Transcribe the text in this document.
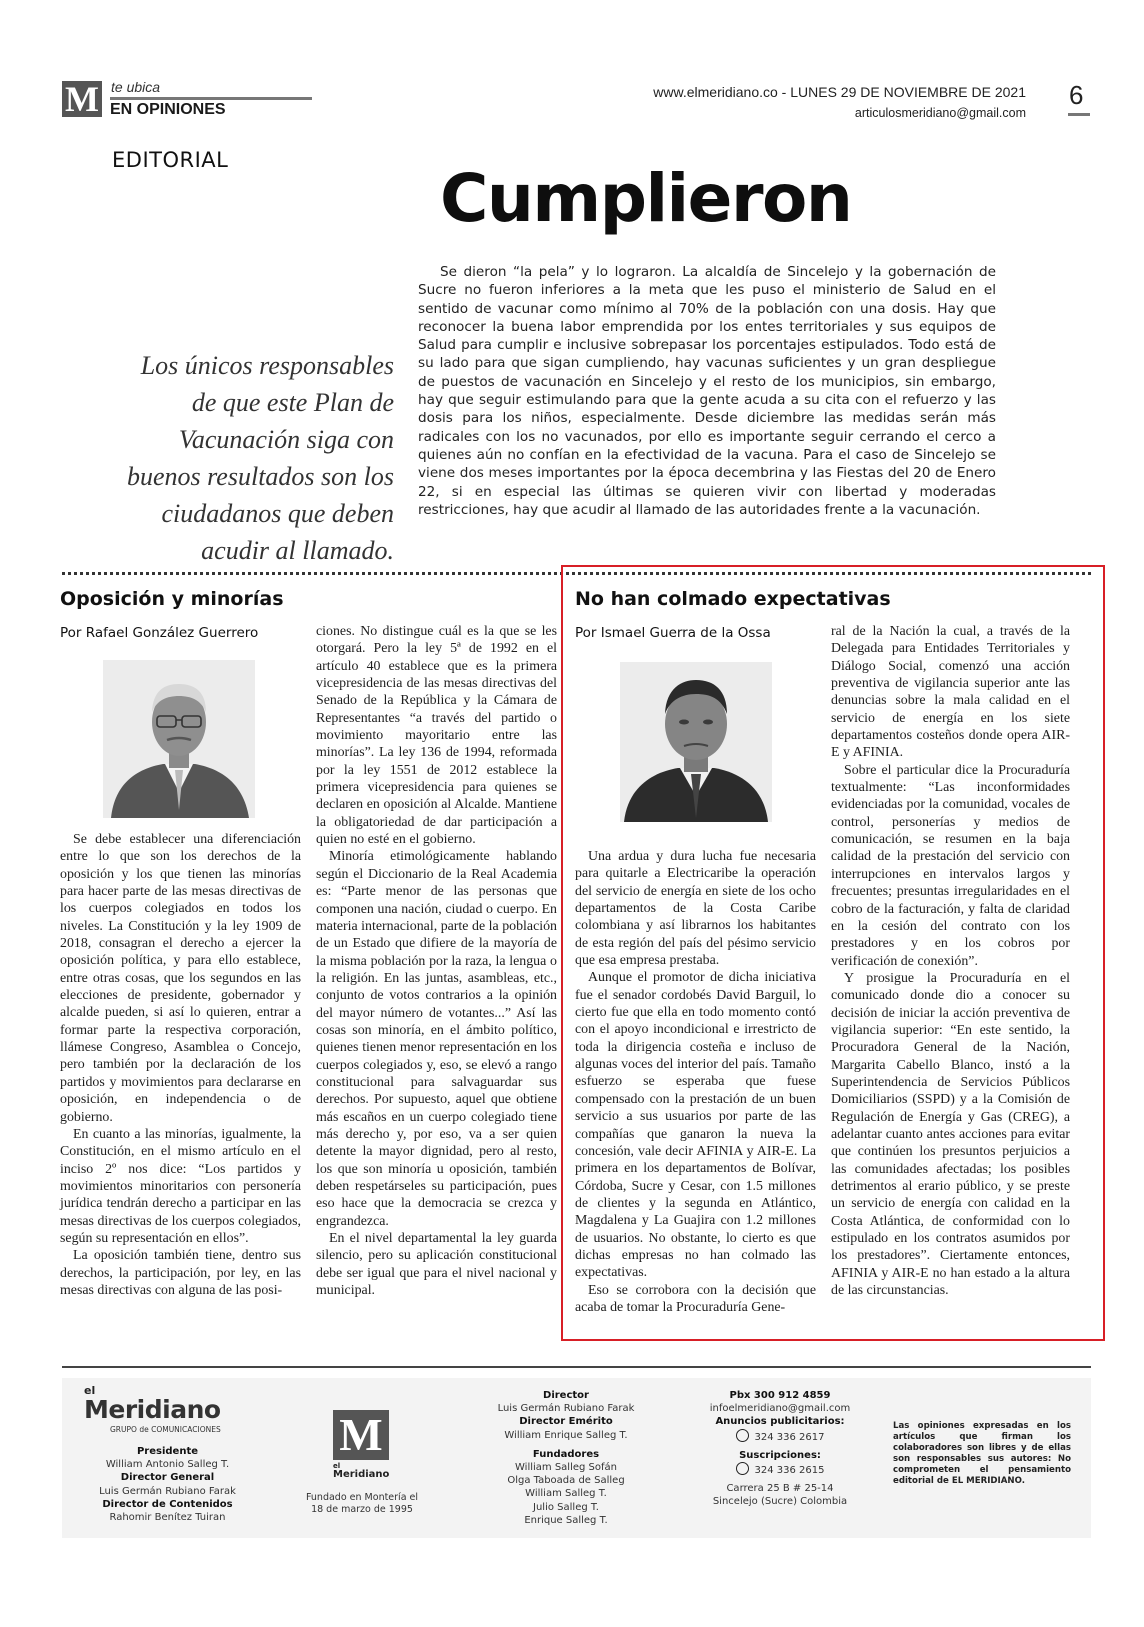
M te ubica
EN OPINIONES
www.elmeridiano.co - LUNES 29 DE NOVIEMBRE DE 2021
articulosmeridiano@gmail.com
6
EDITORIAL	Cumplieron

Se dieron “la pela” y lo lograron. La alcaldía de Sincelejo y la gobernación de Sucre no fueron inferiores a la meta que les puso el ministerio de Salud en el sentido de vacunar como mínimo al 70% de la población con una dosis. Hay que reconocer la buena labor emprendida por los entes territoriales y sus equipos de Salud para cumplir e inclusive sobrepasar los porcentajes estipulados. Todo está de su lado para que sigan cumpliendo, hay vacunas suficientes y un gran despliegue de puestos de vacunación en Sincelejo y el resto de los municipios, sin embargo, hay que seguir estimulando para que la gente acuda a su cita con el refuerzo y las dosis para los niños, especialmente. Desde diciembre las medidas serán más radicales con los no vacunados, por ello es importante seguir cerrando el cerco a quienes aún no confían en la efectividad de la vacuna. Para el caso de Sincelejo se viene dos meses importantes por la época decembrina y las Fiestas del 20 de Enero 22, si en especial las últimas se quieren vivir con libertad y moderadas restricciones, hay que acudir al llamado de las autoridades frente a la vacunación.

Los únicos responsables de que este Plan de Vacunación siga con buenos resultados son los ciudadanos que deben acudir al llamado.
Oposición y minorías
Por Rafael González Guerrero

Se debe establecer una diferenciación entre lo que son los derechos de la oposición y los que tienen las minorías para hacer parte de las mesas directivas de los cuerpos colegiados en todos los niveles. La Constitución y la ley 1909 de 2018, consagran el derecho a ejercer la oposición política, y para ello establece, entre otras cosas, que los segundos en las elecciones de presidente, gobernador y alcalde pueden, si así lo quieren, entrar a formar parte la respectiva corporación, llámese Congreso, Asamblea o Concejo, pero también por la declaración de los partidos y movimientos para declararse en oposición, en independencia o de gobierno.

En cuanto a las minorías, igualmente, la Constitución, en el mismo artículo en el inciso 2º nos dice: “Los partidos y movimientos minoritarios con personería jurídica tendrán derecho a participar en las mesas directivas de los cuerpos colegiados, según su representación en ellos”.

La oposición también tiene, dentro sus derechos, la participación, por ley, en las mesas directivas con alguna de las posi-

ciones. No distingue cuál es la que se les otorgará. Pero la ley 5ª de 1992 en el artículo 40 establece que es la primera vicepresidencia de las mesas directivas del Senado de la República y la Cámara de Representantes “a través del partido o movimiento mayoritario entre las minorías”. La ley 136 de 1994, reformada por la ley 1551 de 2012 establece la primera vicepresidencia para quienes se declaren en oposición al Alcalde. Mantiene la obligatoriedad de dar participación a quien no esté en el gobierno.

Minoría etimológicamente hablando según el Diccionario de la Real Academia es: “Parte menor de las personas que componen una nación, ciudad o cuerpo. En materia internacional, parte de la población de un Estado que difiere de la mayoría de la misma población por la raza, la lengua o la religión. En las juntas, asambleas, etc., conjunto de votos contrarios a la opinión del mayor número de votantes...” Así las cosas son minoría, en el ámbito político, quienes tienen menor representación en los cuerpos colegiados y, eso, se elevó a rango constitucional para salvaguardar sus derechos. Por supuesto, aquel que obtiene más escaños en un cuerpo colegiado tiene más derecho y, por eso, va a ser quien detente la mayor dignidad, pero al resto, los que son minoría u oposición, también deben respetárseles su participación, pues eso hace que la democracia se crezca y engrandezca.

En el nivel departamental la ley guarda silencio, pero su aplicación constitucional debe ser igual que para el nivel nacional y municipal.

No han colmado expectativas
Por Ismael Guerra de la Ossa

Una ardua y dura lucha fue necesaria para quitarle a Electricaribe la operación del servicio de energía en siete de los ocho departamentos de la Costa Caribe colombiana y así librarnos los habitantes de esta región del país del pésimo servicio que esa empresa prestaba.

Aunque el promotor de dicha iniciativa fue el senador cordobés David Barguil, lo cierto fue que ella en todo momento contó con el apoyo incondicional e irrestricto de toda la dirigencia costeña e incluso de algunas voces del interior del país. Tamaño esfuerzo se esperaba que fuese compensado con la prestación de un buen servicio a sus usuarios por parte de las compañías que ganaron la nueva la concesión, vale decir AFINIA y AIR-E. La primera en los departamentos de Bolívar, Córdoba, Sucre y Cesar, con 1.5 millones de clientes y la segunda en Atlántico, Magdalena y La Guajira con 1.2 millones de usuarios. No obstante, lo cierto es que dichas empresas no han colmado las expectativas.

Eso se corrobora con la decisión que acaba de tomar la Procuraduría Gene-

ral de la Nación la cual, a través de la Delegada para Entidades Territoriales y Diálogo Social, comenzó una acción preventiva de vigilancia superior ante las denuncias sobre la mala calidad en el servicio de energía en los siete departamentos costeños donde opera AIR-E y AFINIA.

Sobre el particular dice la Procuraduría textualmente: “Las inconformidades evidenciadas por la comunidad, vocales de control, personerías y medios de comunicación, se resumen en la baja calidad de la prestación del servicio con interrupciones en intervalos largos y frecuentes; presuntas irregularidades en el cobro de la facturación, y falta de claridad en la cesión del contrato con los prestadores y en los cobros por verificación de conexión”.

Y prosigue la Procuraduría en el comunicado donde dio a conocer su decisión de iniciar la acción preventiva de vigilancia superior: “En este sentido, la Procuradora General de la Nación, Margarita Cabello Blanco, instó a la Superintendencia de Servicios Públicos Domiciliarios (SSPD) y a la Comisión de Regulación de Energía y Gas (CREG), a adelantar cuanto antes acciones para evitar que continúen los presuntos perjuicios a las comunidades afectadas; los posibles detrimentos al erario público, y se preste un servicio de energía con calidad en la Costa Atlántica, de conformidad con lo estipulado en los contratos asumidos por los prestadores”. Ciertamente entonces, AFINIA y AIR-E no han estado a la altura de las circunstancias.

el
Meridiano
GRUPO de COMUNICACIONES
Presidente
William Antonio Salleg T.
Director General
Luis Germán Rubiano Farak
Director de Contenidos
Rahomir Benítez Tuiran
M
el
Meridiano
Fundado en Montería el 18 de marzo de 1995
Director
Luis Germán Rubiano Farak
Director Emérito
William Enrique Salleg T.
Fundadores
William Salleg Sofán
Olga Taboada de Salleg
William Salleg T.
Julio Salleg T.
Enrique Salleg T.
Pbx 300 912 4859
infoelmeridiano@gmail.com
Anuncios publicitarios:
324 336 2617
Suscripciones:
324 336 2615
Carrera 25 B # 25-14
Sincelejo (Sucre) Colombia
Las opiniones expresadas en los artículos que firman los colaboradores son libres y de ellas son responsables sus autores: No comprometen el pensamiento editorial de EL MERIDIANO.
